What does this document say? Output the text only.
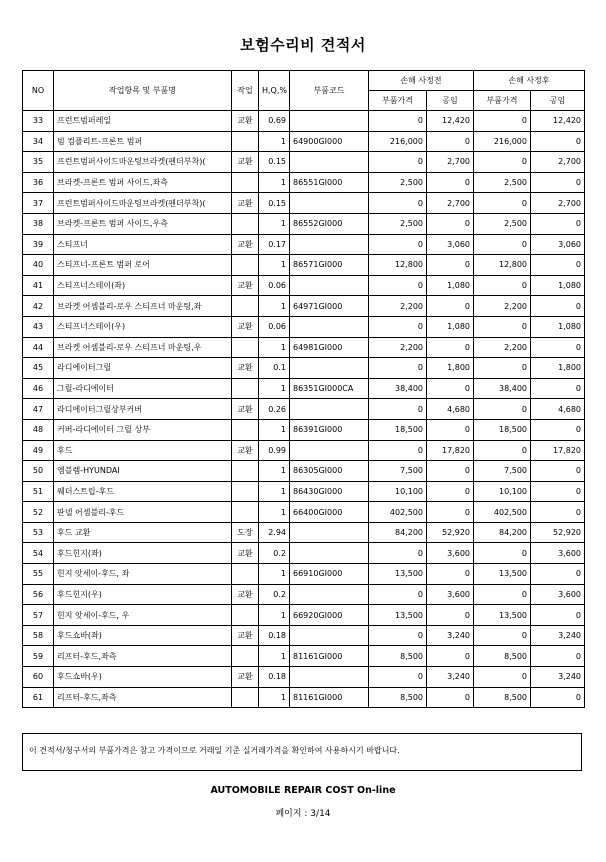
보험수리비 견적서
NO	작업항목 및 부품명	작업	H,Q,%	부품코드	손해 사정전		손해 사정후	
					부품가격	공임	부품가격	공임
33	프런트범퍼레일	교환	0.69		0	12,420	0	12,420
34	빔 컴플리트-프론트 범퍼		1	64900GI000	216,000	0	216,000	0
35	프런트범퍼사이드마운팅브라켓(펜더부착)(	교환	0.15		0	2,700	0	2,700
36	브라켓-프론트 범퍼 사이드,좌측		1	86551GI000	2,500	0	2,500	0
37	프런트범퍼사이드마운팅브라켓(펜더부착)(	교환	0.15		0	2,700	0	2,700
38	브라켓-프론트 범퍼 사이드,우측		1	86552GI000	2,500	0	2,500	0
39	스티프너	교환	0.17		0	3,060	0	3,060
40	스티프너-프론트 범퍼 로어		1	86571GI000	12,800	0	12,800	0
41	스티프너스테이(좌)	교환	0.06		0	1,080	0	1,080
42	브라켓 어셈블리-로우 스티프너 마운팅,좌		1	64971GI000	2,200	0	2,200	0
43	스티프너스테이(우)	교환	0.06		0	1,080	0	1,080
44	브라켓 어셈블리-로우 스티프너 마운팅,우		1	64981GI000	2,200	0	2,200	0
45	라디에이터그릴	교환	0.1		0	1,800	0	1,800
46	그릴-라디에이터		1	86351GI000CA	38,400	0	38,400	0
47	라디에이터그릴상부커버	교환	0.26		0	4,680	0	4,680
48	커버-라디에이터 그릴 상부		1	86391GI000	18,500	0	18,500	0
49	후드	교환	0.99		0	17,820	0	17,820
50	엠블렘-HYUNDAI		1	86305GI000	7,500	0	7,500	0
51	웨더스트립-후드		1	86430GI000	10,100	0	10,100	0
52	판넬 어셈블리-후드		1	66400GI000	402,500	0	402,500	0
53	후드 교환	도장	2.94		84,200	52,920	84,200	52,920
54	후드힌지(좌)	교환	0.2		0	3,600	0	3,600
55	힌지 앗세이-후드, 좌		1	66910GI000	13,500	0	13,500	0
56	후드힌지(우)	교환	0.2		0	3,600	0	3,600
57	힌지 앗세이-후드, 우		1	66920GI000	13,500	0	13,500	0
58	후드쇼바(좌)	교환	0.18		0	3,240	0	3,240
59	리프터-후드,좌측		1	81161GI000	8,500	0	8,500	0
60	후드쇼바(우)	교환	0.18		0	3,240	0	3,240
61	리프터-후드,좌측		1	81161GI000	8,500	0	8,500	0
이 견적서/청구서의 부품가격은 참고 가격이므로 거래일 기준 실거래가격을 확인하여 사용하시기 바랍니다.
AUTOMOBILE REPAIR COST On-line
페이지 : 3/14
